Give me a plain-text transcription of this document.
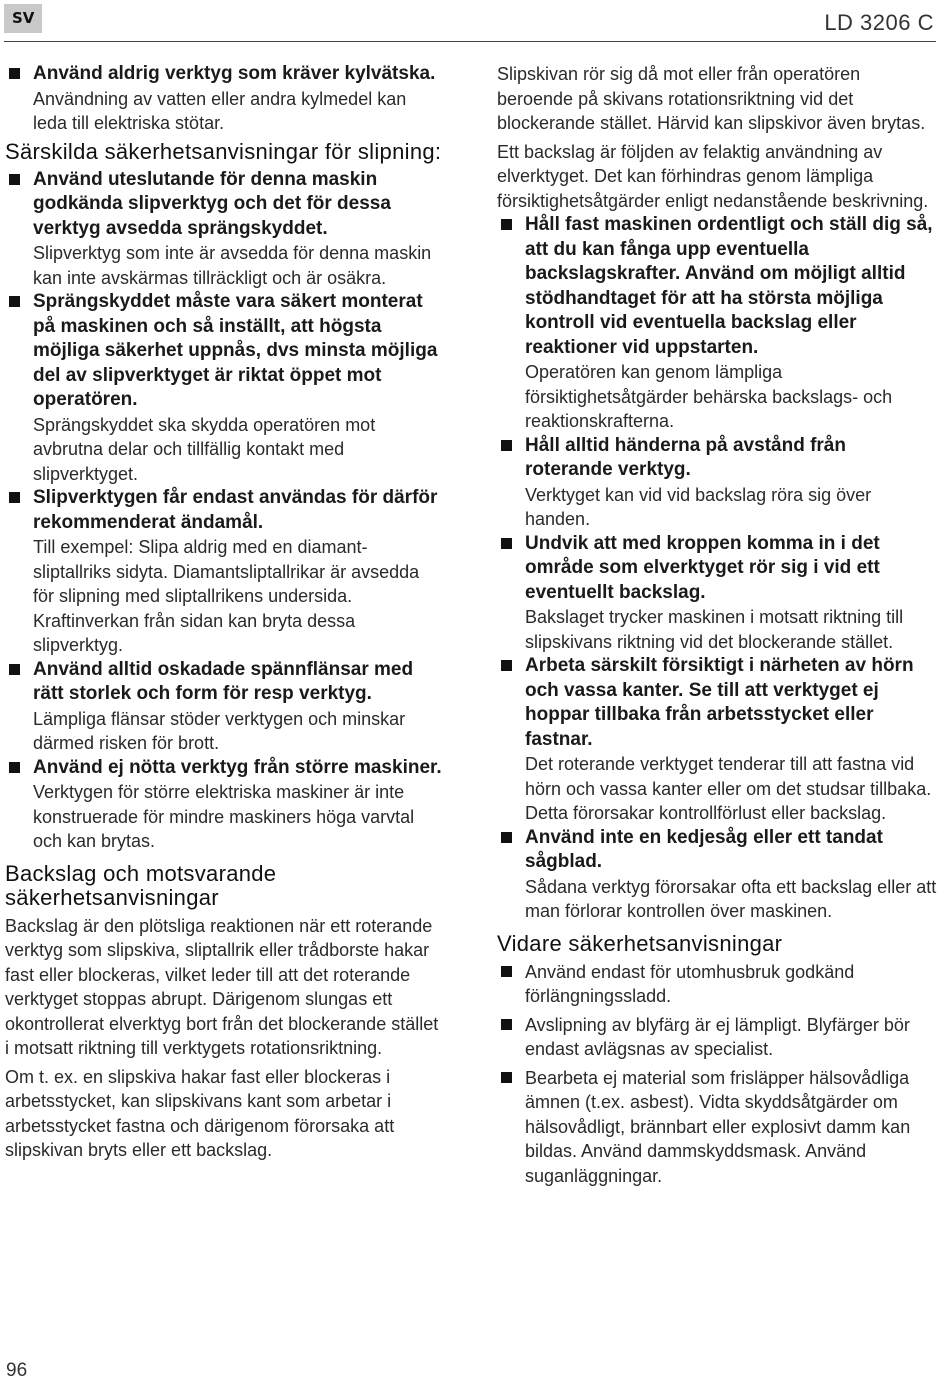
SV	LD 3206 C
Använd aldrig verktyg som kräver kylvätska.
Användning av vatten eller andra kylmedel kan leda till elektriska stötar.
Särskilda säkerhetsanvisningar för slipning:
Använd uteslutande för denna maskin godkända slipverktyg och det för dessa verktyg avsedda sprängskyddet.
Slipverktyg som inte är avsedda för denna maskin kan inte avskärmas tillräckligt och är osäkra.
Sprängskyddet måste vara säkert monterat på maskinen och så inställt, att högsta möjliga säkerhet uppnås, dvs minsta möjliga del av slipverktyget är riktat öppet mot operatören.
Sprängskyddet ska skydda operatören mot avbrutna delar och tillfällig kontakt med slipverktyget.
Slipverktygen får endast användas för därför rekommenderat ändamål.
Till exempel: Slipa aldrig med en diamant-sliptallriks sidyta. Diamantsliptallrikar är avsedda för slipning med sliptallrikens undersida. Kraftinverkan från sidan kan bryta dessa slipverktyg.
Använd alltid oskadade spännflänsar med rätt storlek och form för resp verktyg.
Lämpliga flänsar stöder verktygen och minskar därmed risken för brott.
Använd ej nötta verktyg från större maskiner.
Verktygen för större elektriska maskiner är inte konstruerade för mindre maskiners höga varvtal och kan brytas.
Backslag och motsvarande säkerhetsanvisningar
Backslag är den plötsliga reaktionen när ett roterande verktyg som slipskiva, sliptallrik eller trådborste hakar fast eller blockeras, vilket leder till att det roterande verktyget stoppas abrupt. Därigenom slungas ett okontrollerat elverktyg bort från det blockerande stället i motsatt riktning till verktygets rotationsriktning.
Om t. ex. en slipskiva hakar fast eller blockeras i arbetsstycket, kan slipskivans kant som arbetar i arbetsstycket fastna och därigenom förorsaka att slipskivan bryts eller ett backslag.
Slipskivan rör sig då mot eller från operatören beroende på skivans rotationsriktning vid det blockerande stället. Härvid kan slipskivor även brytas.
Ett backslag är följden av felaktig användning av elverktyget. Det kan förhindras genom lämpliga försiktighetsåtgärder enligt nedanstående beskrivning.
Håll fast maskinen ordentligt och ställ dig så, att du kan fånga upp eventuella backslagskrafter. Använd om möjligt alltid stödhandtaget för att ha största möjliga kontroll vid eventuella backslag eller reaktioner vid uppstarten.
Operatören kan genom lämpliga försiktighetsåtgärder behärska backslags- och reaktionskrafterna.
Håll alltid händerna på avstånd från roterande verktyg.
Verktyget kan vid vid backslag röra sig över handen.
Undvik att med kroppen komma in i det område som elverktyget rör sig i vid ett eventuellt backslag.
Bakslaget trycker maskinen i motsatt riktning till slipskivans riktning vid det blockerande stället.
Arbeta särskilt försiktigt i närheten av hörn och vassa kanter. Se till att verktyget ej hoppar tillbaka från arbetsstycket eller fastnar.
Det roterande verktyget tenderar till att fastna vid hörn och vassa kanter eller om det studsar tillbaka. Detta förorsakar kontrollförlust eller backslag.
Använd inte en kedjesåg eller ett tandat sågblad.
Sådana verktyg förorsakar ofta ett backslag eller att man förlorar kontrollen över maskinen.
Vidare säkerhetsanvisningar
Använd endast för utomhusbruk godkänd förlängningssladd.
Avslipning av blyfärg är ej lämpligt. Blyfärger bör endast avlägsnas av specialist.
Bearbeta ej material som frisläpper hälsovådliga ämnen (t.ex. asbest). Vidta skyddsåtgärder om hälsovådligt, brännbart eller explosivt damm kan bildas. Använd dammskyddsmask. Använd suganläggningar.
96
